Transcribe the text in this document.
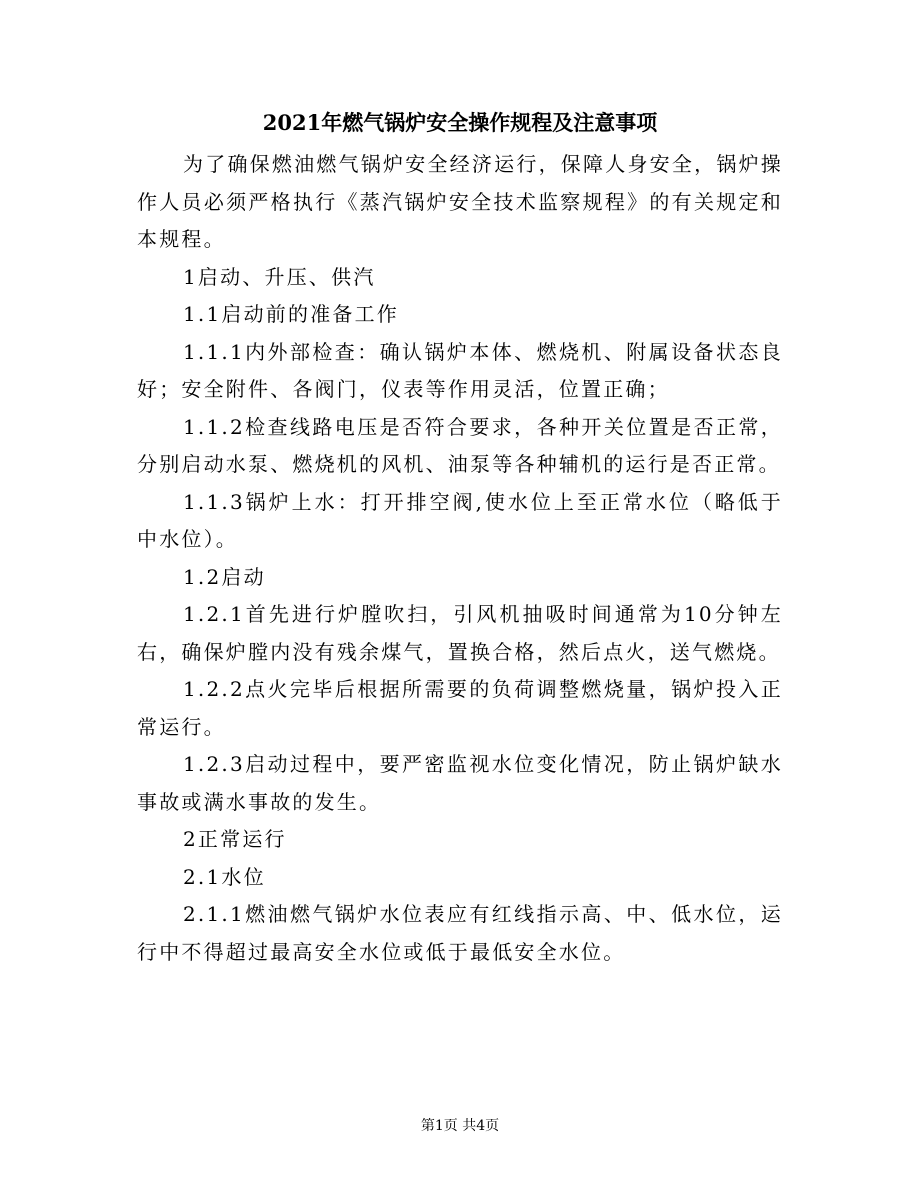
2021年燃气锅炉安全操作规程及注意事项

为了确保燃油燃气锅炉安全经济运行，保障人身安全，锅炉操作人员必须严格执行《蒸汽锅炉安全技术监察规程》的有关规定和本规程。

1启动、升压、供汽

1.1启动前的准备工作

1.1.1内外部检查：确认锅炉本体、燃烧机、附属设备状态良好；安全附件、各阀门，仪表等作用灵活，位置正确；

1.1.2检查线路电压是否符合要求，各种开关位置是否正常，分别启动水泵、燃烧机的风机、油泵等各种辅机的运行是否正常。

1.1.3锅炉上水：打开排空阀,使水位上至正常水位（略低于中水位）。

1.2启动

1.2.1首先进行炉膛吹扫，引风机抽吸时间通常为10分钟左右，确保炉膛内没有残余煤气，置换合格，然后点火，送气燃烧。

1.2.2点火完毕后根据所需要的负荷调整燃烧量，锅炉投入正常运行。

1.2.3启动过程中，要严密监视水位变化情况，防止锅炉缺水事故或满水事故的发生。

2正常运行

2.1水位

2.1.1燃油燃气锅炉水位表应有红线指示高、中、低水位，运行中不得超过最高安全水位或低于最低安全水位。

第1页 共4页
